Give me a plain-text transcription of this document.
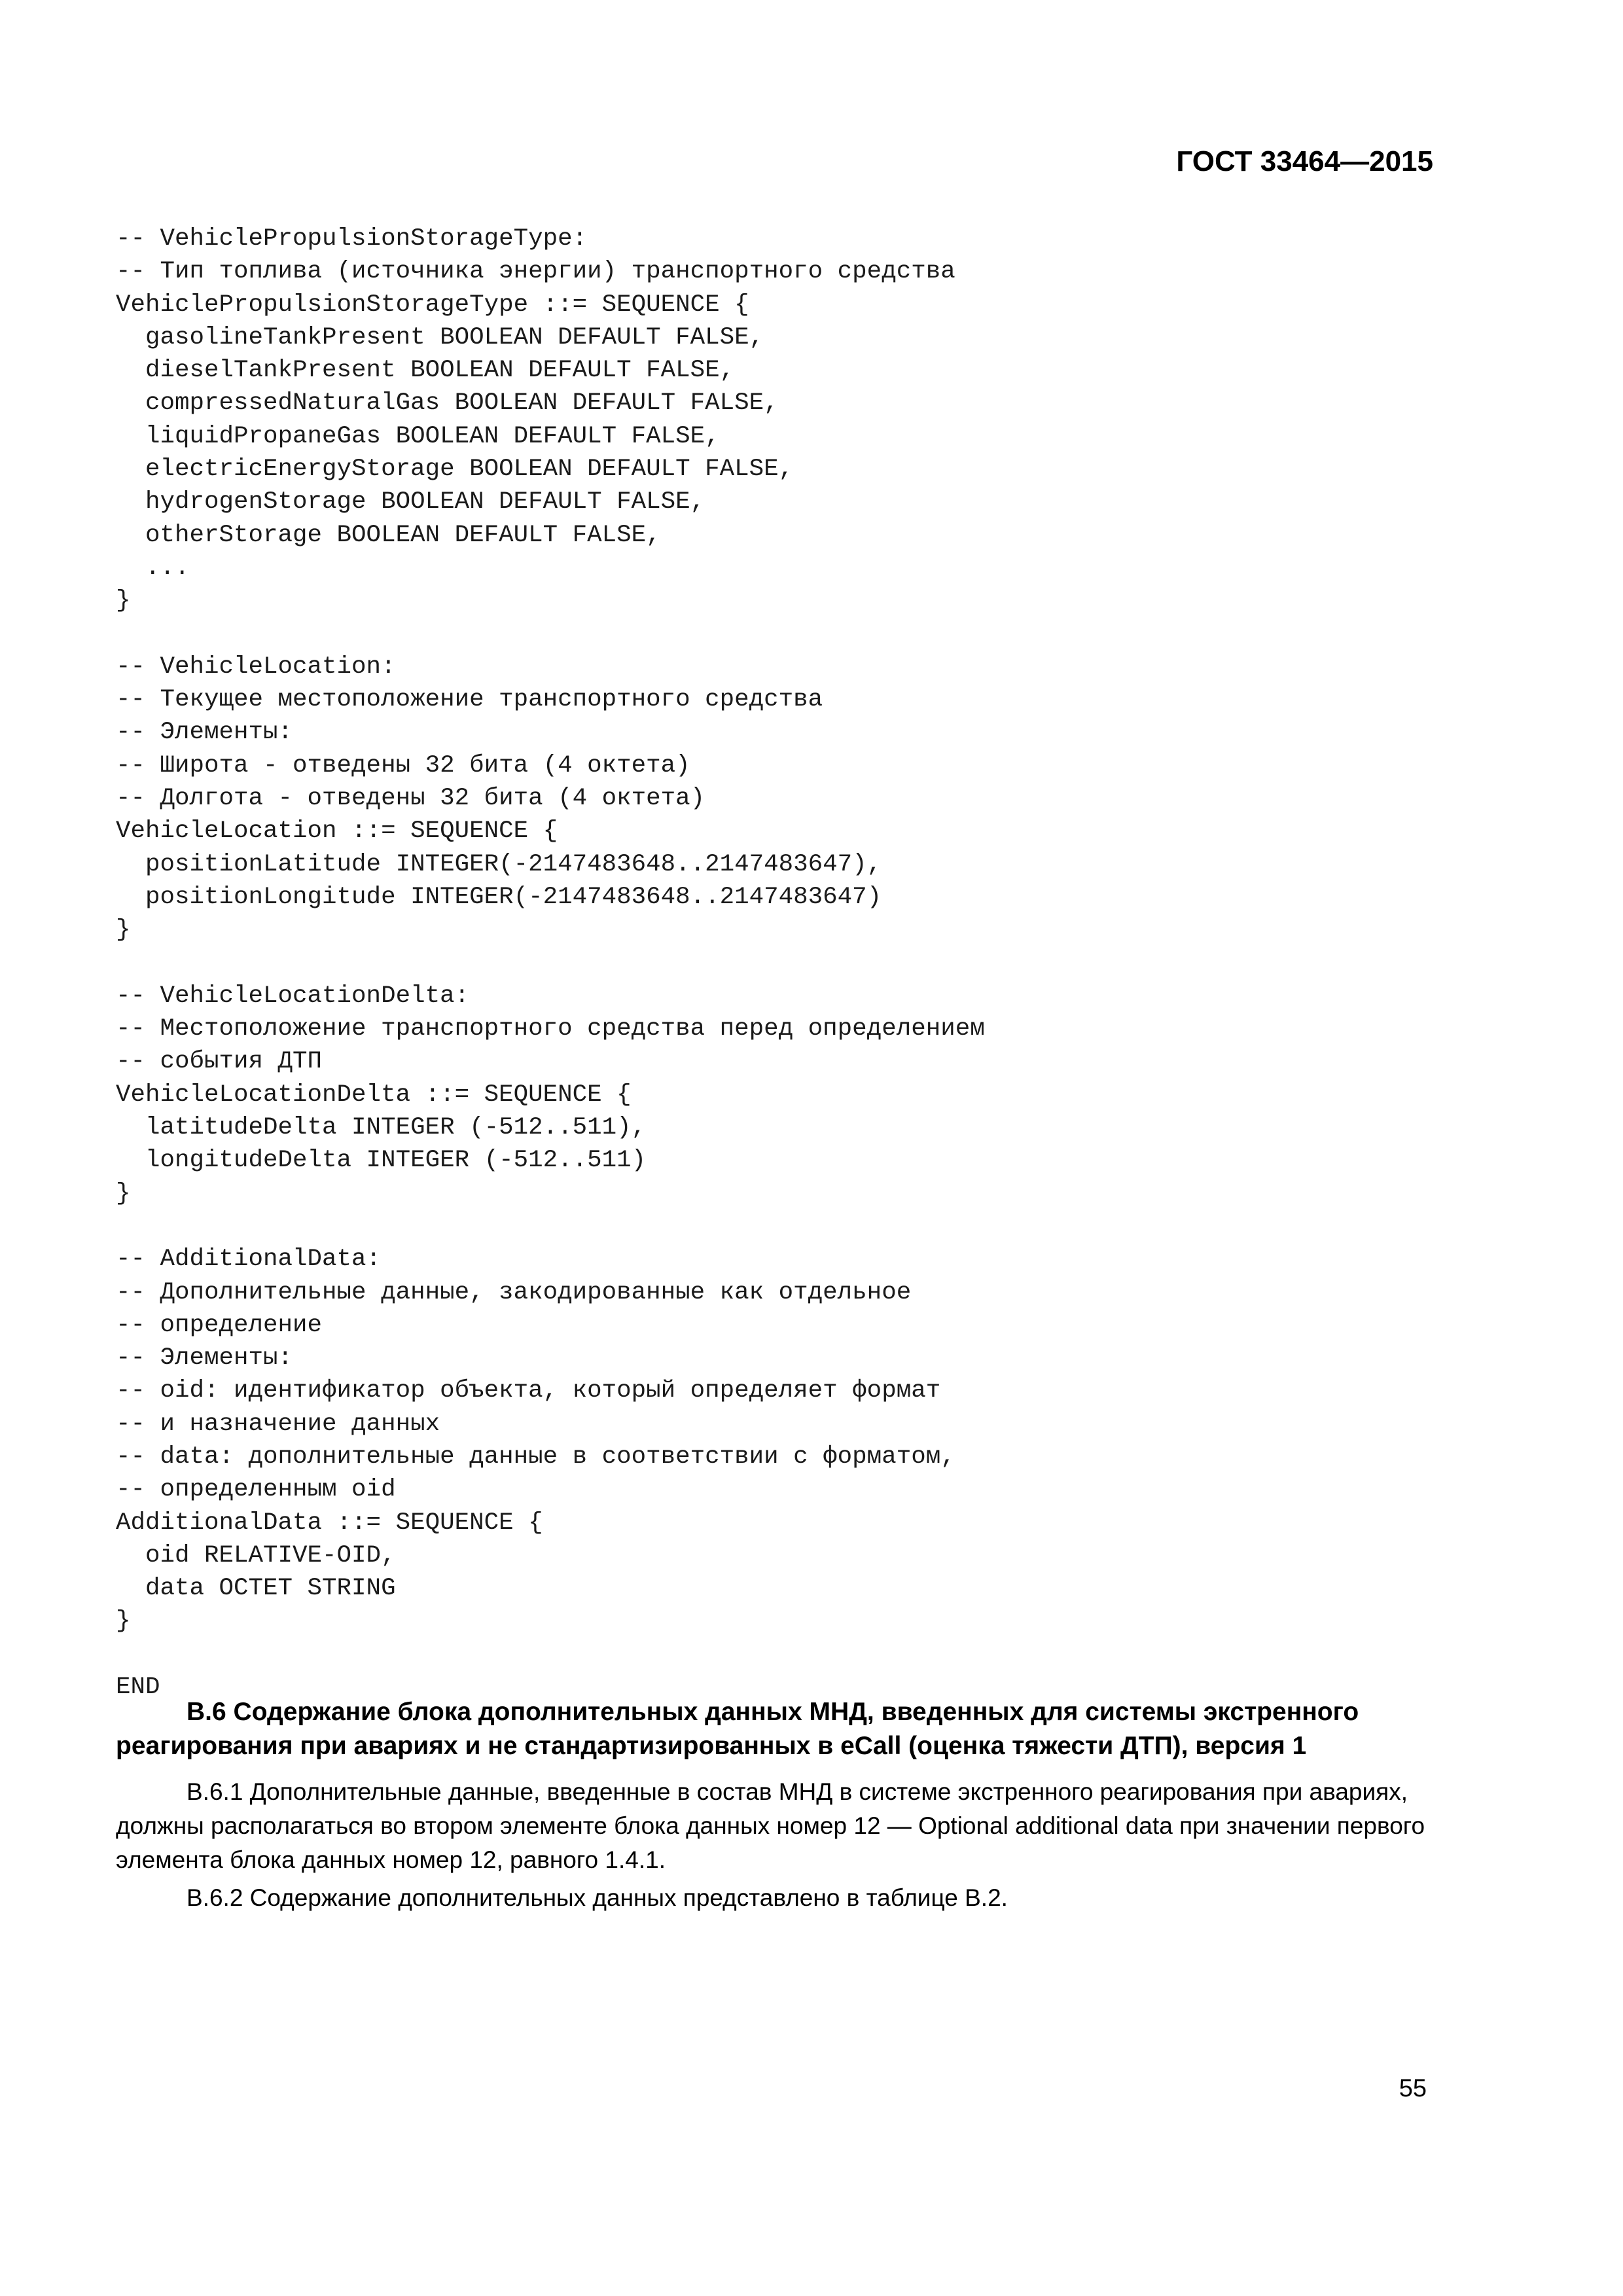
ГОСТ 33464—2015
-- VehiclePropulsionStorageType:
-- Тип топлива (источника энергии) транспортного средства
VehiclePropulsionStorageType ::= SEQUENCE {
gasolineTankPresent BOOLEAN DEFAULT FALSE,
dieselTankPresent BOOLEAN DEFAULT FALSE,
compressedNaturalGas BOOLEAN DEFAULT FALSE,
liquidPropaneGas BOOLEAN DEFAULT FALSE,
electricEnergyStorage BOOLEAN DEFAULT FALSE,
hydrogenStorage BOOLEAN DEFAULT FALSE,
otherStorage BOOLEAN DEFAULT FALSE,
...
}
-- VehicleLocation:
-- Текущее местоположение транспортного средства
-- Элементы:
-- Широта - отведены 32 бита (4 октета)
-- Долгота - отведены 32 бита (4 октета)
VehicleLocation ::= SEQUENCE {
positionLatitude INTEGER(-2147483648..2147483647),
positionLongitude INTEGER(-2147483648..2147483647)
}
-- VehicleLocationDelta:
-- Местоположение транспортного средства перед определением
-- события ДТП
VehicleLocationDelta ::= SEQUENCE {
latitudeDelta INTEGER (-512..511),
longitudeDelta INTEGER (-512..511)
}
-- AdditionalData:
-- Дополнительные данные, закодированные как отдельное
-- определение
-- Элементы:
-- oid: идентификатор объекта, который определяет формат
-- и назначение данных
-- data: дополнительные данные в соответствии с форматом,
-- определенным oid
AdditionalData ::= SEQUENCE {
oid RELATIVE-OID,
data OCTET STRING
}
END

В.6 Содержание блока дополнительных данных МНД, введенных для системы экстренного реагирования при авариях и не стандартизированных в eCall (оценка тяжести ДТП), версия 1

В.6.1 Дополнительные данные, введенные в состав МНД в системе экстренного реагирования при авариях, должны располагаться во втором элементе блока данных номер 12 — Optional additional data при значении первого элемента блока данных номер 12, равного 1.4.1.

В.6.2 Содержание дополнительных данных представлено в таблице В.2.

55
